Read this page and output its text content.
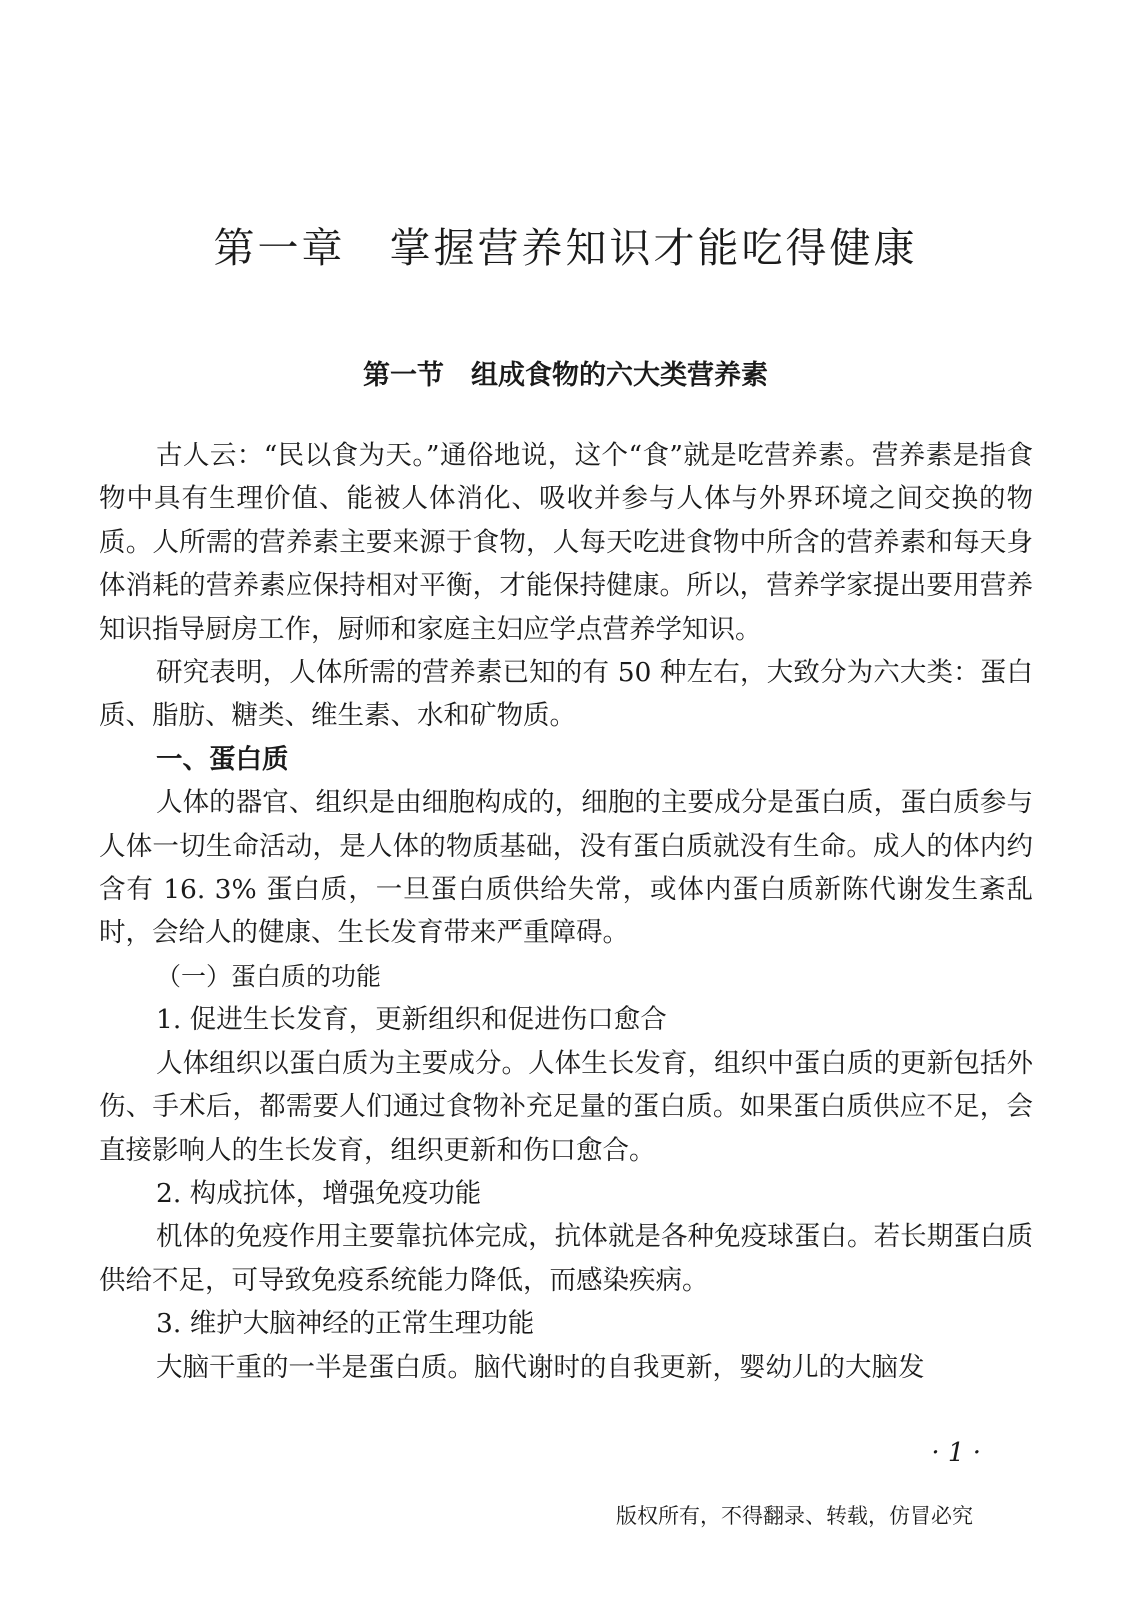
第一章　掌握营养知识才能吃得健康
第一节　组成食物的六大类营养素

古人云：“民以食为天。”通俗地说，这个“食”就是吃营养素。营养素是指食物中具有生理价值、能被人体消化、吸收并参与人体与外界环境之间交换的物质。人所需的营养素主要来源于食物，人每天吃进食物中所含的营养素和每天身体消耗的营养素应保持相对平衡，才能保持健康。所以，营养学家提出要用营养知识指导厨房工作，厨师和家庭主妇应学点营养学知识。

研究表明，人体所需的营养素已知的有 50 种左右，大致分为六大类：蛋白质、脂肪、糖类、维生素、水和矿物质。

一、蛋白质

人体的器官、组织是由细胞构成的，细胞的主要成分是蛋白质，蛋白质参与人体一切生命活动，是人体的物质基础，没有蛋白质就没有生命。成人的体内约含有 16. 3% 蛋白质，一旦蛋白质供给失常，或体内蛋白质新陈代谢发生紊乱时，会给人的健康、生长发育带来严重障碍。

（一）蛋白质的功能

1. 促进生长发育，更新组织和促进伤口愈合

人体组织以蛋白质为主要成分。人体生长发育，组织中蛋白质的更新包括外伤、手术后，都需要人们通过食物补充足量的蛋白质。如果蛋白质供应不足，会直接影响人的生长发育，组织更新和伤口愈合。

2. 构成抗体，增强免疫功能

机体的免疫作用主要靠抗体完成，抗体就是各种免疫球蛋白。若长期蛋白质供给不足，可导致免疫系统能力降低，而感染疾病。

3. 维护大脑神经的正常生理功能

大脑干重的一半是蛋白质。脑代谢时的自我更新，婴幼儿的大脑发

· 1 ·
版权所有，不得翻录、转载，仿冒必究
